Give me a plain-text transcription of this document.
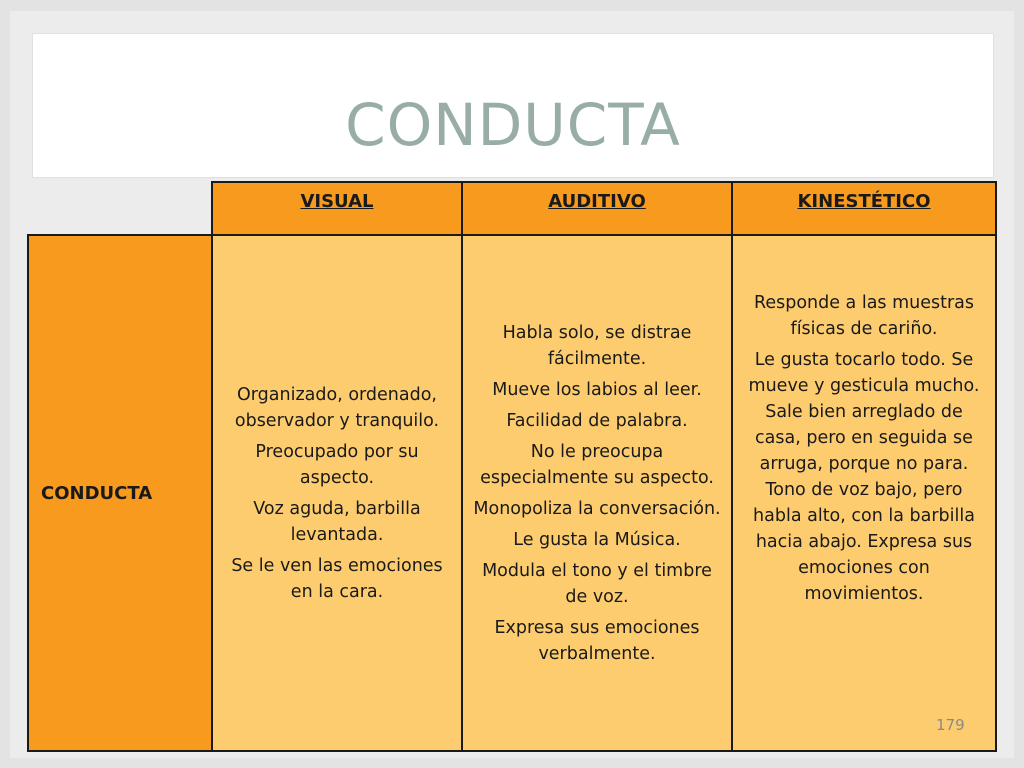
CONDUCTA
VISUAL	AUDITIVO	KINESTÉTICO
CONDUCTA

Organizado, ordenado, observador y tranquilo.

Preocupado por su aspecto.

Voz aguda, barbilla levantada.

Se le ven las emociones en la cara.

Habla solo, se distrae fácilmente.

Mueve los labios al leer.

Facilidad de palabra.

No le preocupa especialmente su aspecto.

Monopoliza la conversación.

Le gusta la Música.

Modula el tono y el timbre de voz.

Expresa sus emociones verbalmente.

Responde a las muestras físicas de cariño.

Le gusta tocarlo todo. Se mueve y gesticula mucho. Sale bien arreglado de casa, pero en seguida se arruga, porque no para. Tono de voz bajo, pero habla alto, con la barbilla hacia abajo. Expresa sus emociones con movimientos.

179
